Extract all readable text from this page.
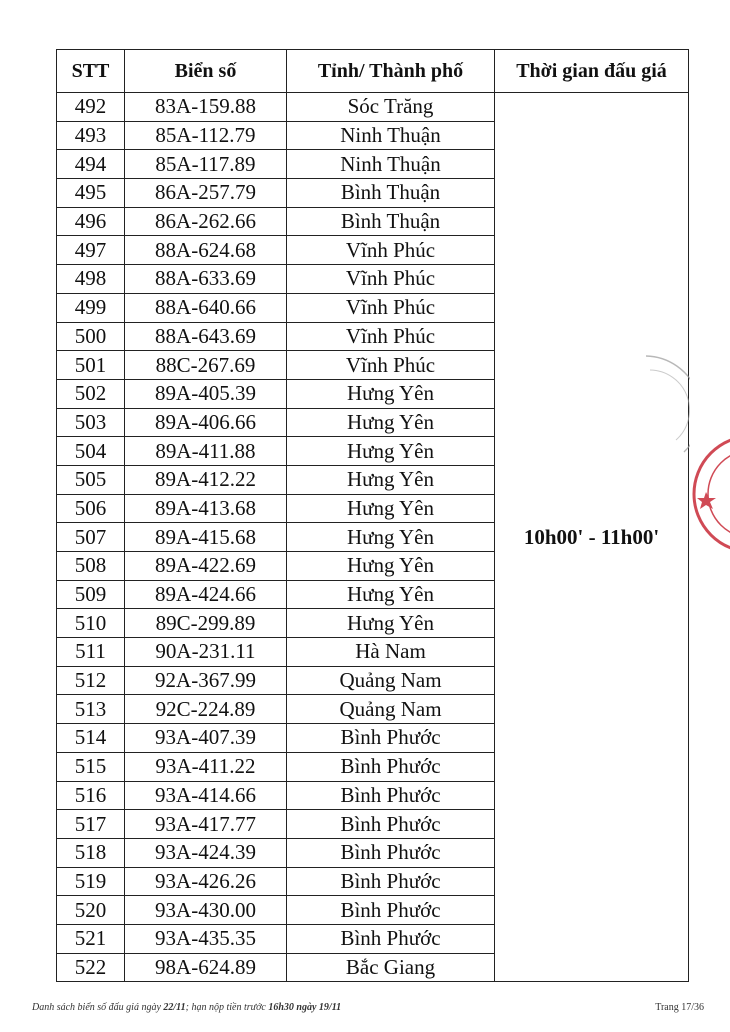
STT	Biển số	Tỉnh/ Thành phố	Thời gian đấu giá
492	83A-159.88	Sóc Trăng	10h00' - 11h00'
493	85A-112.79	Ninh Thuận	
494	85A-117.89	Ninh Thuận	
495	86A-257.79	Bình Thuận	
496	86A-262.66	Bình Thuận	
497	88A-624.68	Vĩnh Phúc	
498	88A-633.69	Vĩnh Phúc	
499	88A-640.66	Vĩnh Phúc	
500	88A-643.69	Vĩnh Phúc	
501	88C-267.69	Vĩnh Phúc	
502	89A-405.39	Hưng Yên	
503	89A-406.66	Hưng Yên	
504	89A-411.88	Hưng Yên	
505	89A-412.22	Hưng Yên	
506	89A-413.68	Hưng Yên	
507	89A-415.68	Hưng Yên	
508	89A-422.69	Hưng Yên	
509	89A-424.66	Hưng Yên	
510	89C-299.89	Hưng Yên	
511	90A-231.11	Hà Nam	
512	92A-367.99	Quảng Nam	
513	92C-224.89	Quảng Nam	
514	93A-407.39	Bình Phước	
515	93A-411.22	Bình Phước	
516	93A-414.66	Bình Phước	
517	93A-417.77	Bình Phước	
518	93A-424.39	Bình Phước	
519	93A-426.26	Bình Phước	
520	93A-430.00	Bình Phước	
521	93A-435.35	Bình Phước	
522	98A-624.89	Bắc Giang	
Danh sách biển số đấu giá ngày 22/11; hạn nộp tiền trước 16h30 ngày 19/11	Trang 17/36
